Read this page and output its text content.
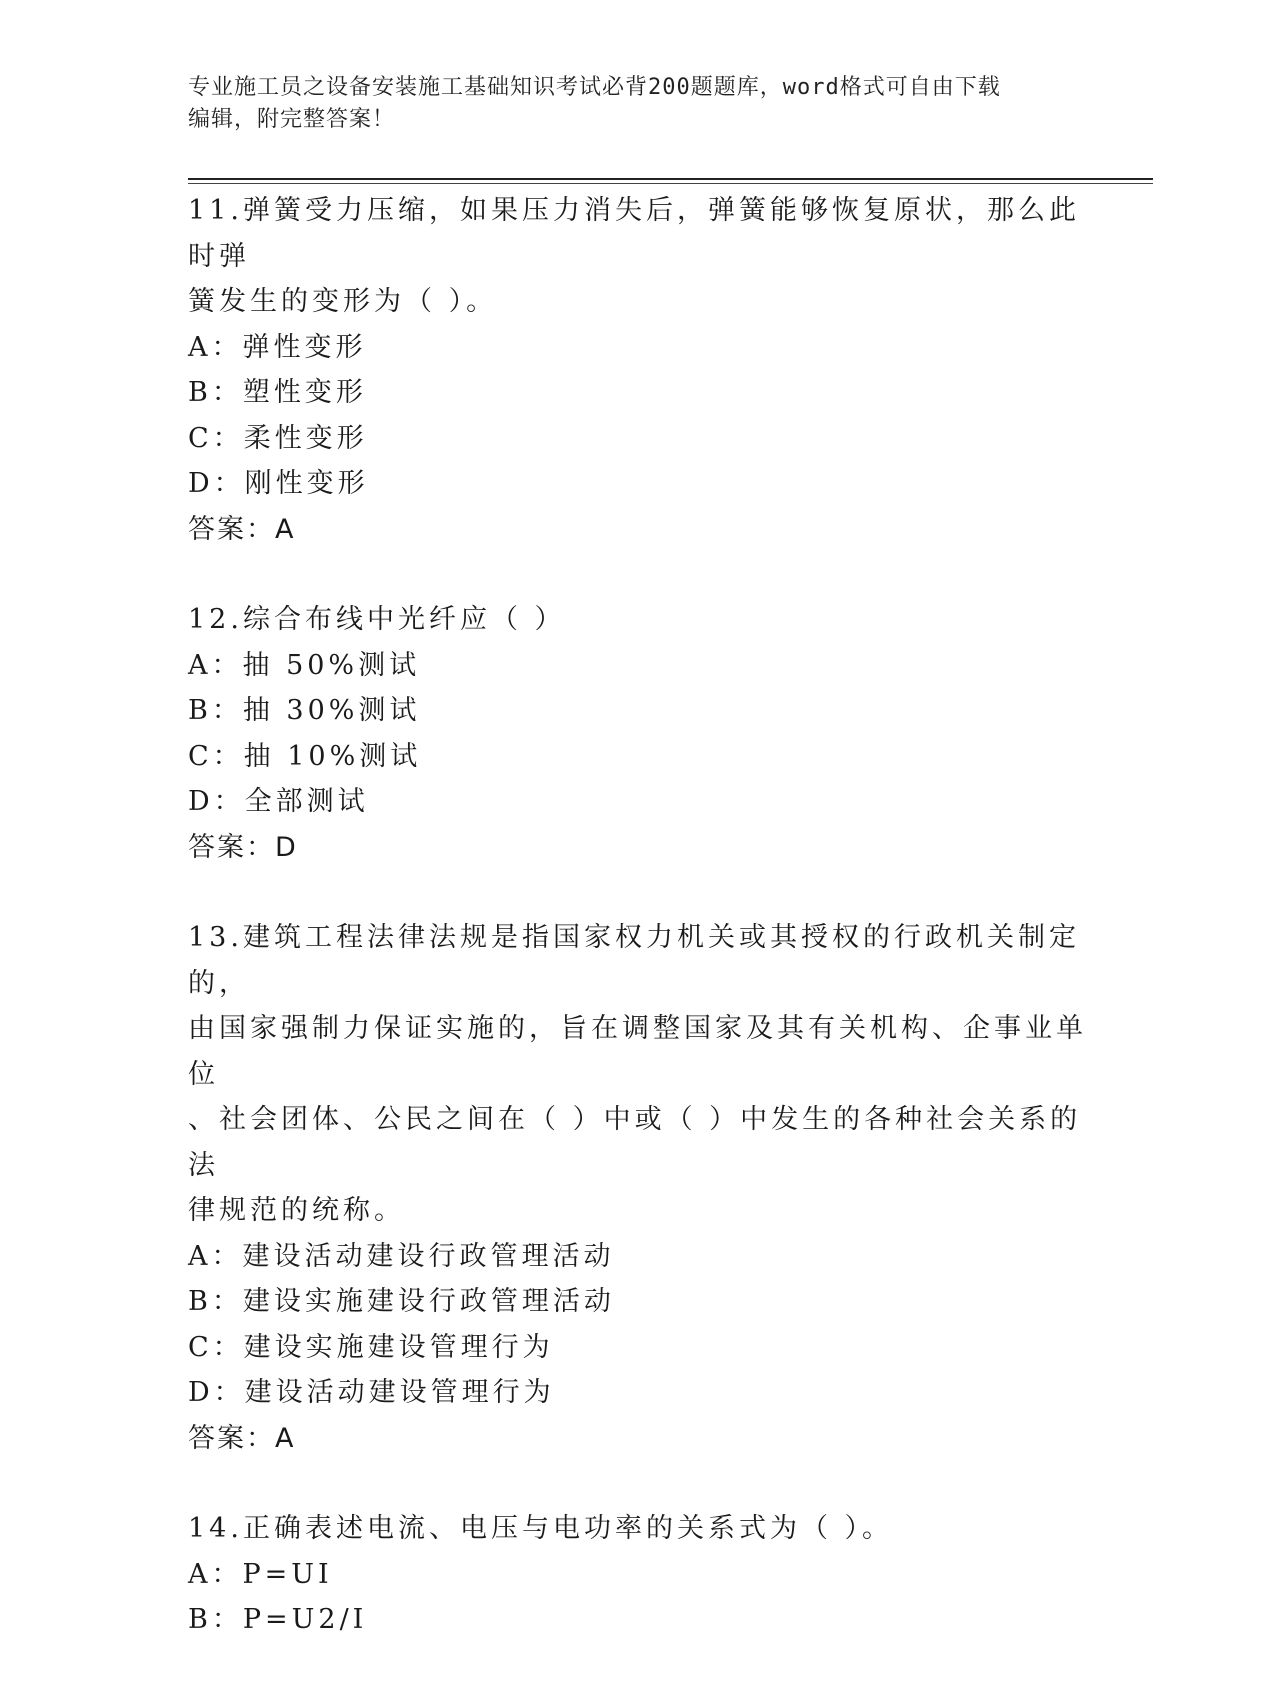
专业施工员之设备安装施工基础知识考试必背200题题库，word格式可自由下载
编辑，附完整答案！
11.弹簧受力压缩，如果压力消失后，弹簧能够恢复原状，那么此时弹
簧发生的变形为（ ）。
A：弹性变形
B：塑性变形
C：柔性变形
D：刚性变形
答案：A
12.综合布线中光纤应（ ）
A：抽 50%测试
B：抽 30%测试
C：抽 10%测试
D：全部测试
答案：D
13.建筑工程法律法规是指国家权力机关或其授权的行政机关制定的，
由国家强制力保证实施的，旨在调整国家及其有关机构、企事业单位
、社会团体、公民之间在（ ）中或（ ）中发生的各种社会关系的法
律规范的统称。
A：建设活动建设行政管理活动
B：建设实施建设行政管理活动
C：建设实施建设管理行为
D：建设活动建设管理行为
答案：A
14.正确表述电流、电压与电功率的关系式为（ ）。
A：P=UI
B：P=U2/I
